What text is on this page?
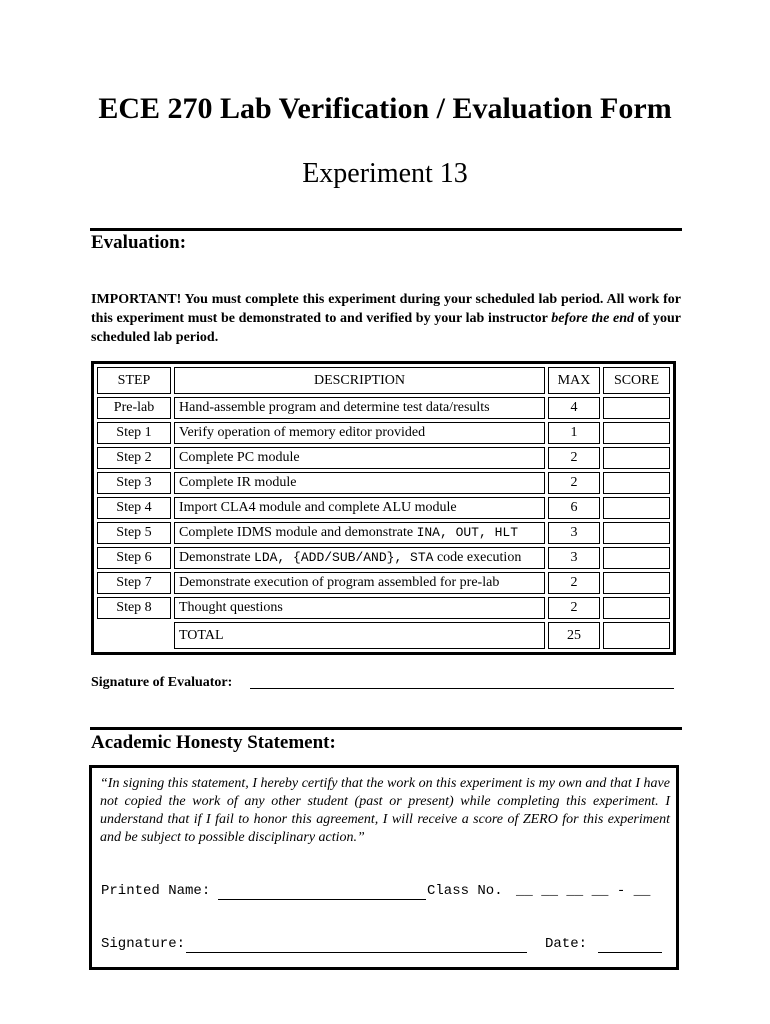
ECE 270 Lab Verification / Evaluation Form
Experiment 13
Evaluation:
IMPORTANT! You must complete this experiment during your scheduled lab period. All work for this experiment must be demonstrated to and verified by your lab instructor before the end of your scheduled lab period.
STEP	DESCRIPTION	MAX	SCORE
Pre-lab	Hand-assemble program and determine test data/results	4	
Step 1	Verify operation of memory editor provided	1	
Step 2	Complete PC module	2	
Step 3	Complete IR module	2	
Step 4	Import CLA4 module and complete ALU module	6	
Step 5	Complete IDMS module and demonstrate INA, OUT, HLT	3	
Step 6	Demonstrate LDA, {ADD/SUB/AND}, STA code execution	3	
Step 7	Demonstrate execution of program assembled for pre-lab	2	
Step 8	Thought questions	2	
	TOTAL	25	
Signature of Evaluator:
Academic Honesty Statement:
“In signing this statement, I hereby certify that the work on this experiment is my own and that I have not copied the work of any other student (past or present) while completing this experiment. I understand that if I fail to honor this agreement, I will receive a score of ZERO for this experiment and be subject to possible disciplinary action.”
Printed Name:	Class No. __ __ __ __ - __
Signature:	Date:
